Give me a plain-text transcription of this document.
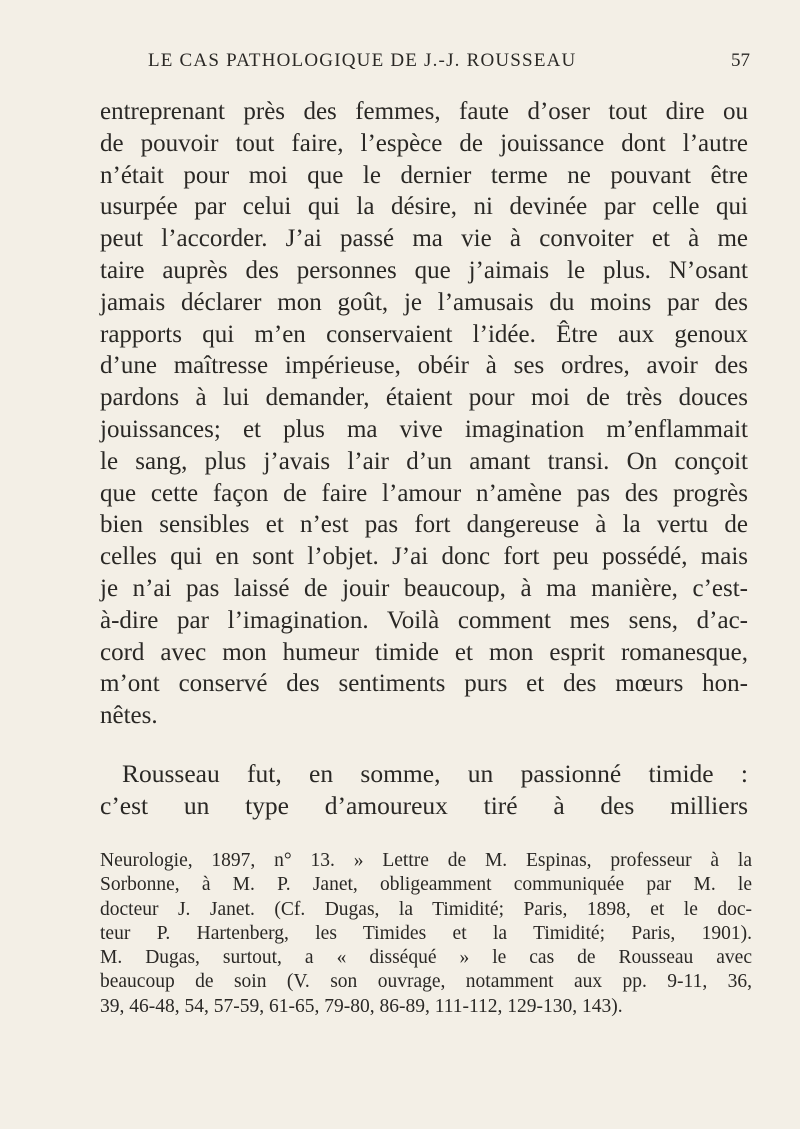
LE CAS PATHOLOGIQUE DE J.-J. ROUSSEAU	57
entreprenant près des femmes, faute d’oser tout dire ou
de pouvoir tout faire, l’espèce de jouissance dont l’autre
n’était pour moi que le dernier terme ne pouvant être
usurpée par celui qui la désire, ni devinée par celle qui
peut l’accorder. J’ai passé ma vie à convoiter et à me
taire auprès des personnes que j’aimais le plus. N’osant
jamais déclarer mon goût, je l’amusais du moins par des
rapports qui m’en conservaient l’idée. Être aux genoux
d’une maîtresse impérieuse, obéir à ses ordres, avoir des
pardons à lui demander, étaient pour moi de très douces
jouissances; et plus ma vive imagination m’enflammait
le sang, plus j’avais l’air d’un amant transi. On conçoit
que cette façon de faire l’amour n’amène pas des progrès
bien sensibles et n’est pas fort dangereuse à la vertu de
celles qui en sont l’objet. J’ai donc fort peu possédé, mais
je n’ai pas laissé de jouir beaucoup, à ma manière, c’est-
à-dire par l’imagination. Voilà comment mes sens, d’ac-
cord avec mon humeur timide et mon esprit romanesque,
m’ont conservé des sentiments purs et des mœurs hon-
nêtes.
Rousseau fut, en somme, un passionné timide :
c’est un type d’amoureux tiré à des milliers
Neurologie, 1897, n° 13. » Lettre de M. Espinas, professeur à la
Sorbonne, à M. P. Janet, obligeamment communiquée par M. le
docteur J. Janet. (Cf. Dugas, la Timidité; Paris, 1898, et le doc-
teur P. Hartenberg, les Timides et la Timidité; Paris, 1901).
M. Dugas, surtout, a « disséqué » le cas de Rousseau avec
beaucoup de soin (V. son ouvrage, notamment aux pp. 9-11, 36,
39, 46-48, 54, 57-59, 61-65, 79-80, 86-89, 111-112, 129-130, 143).
